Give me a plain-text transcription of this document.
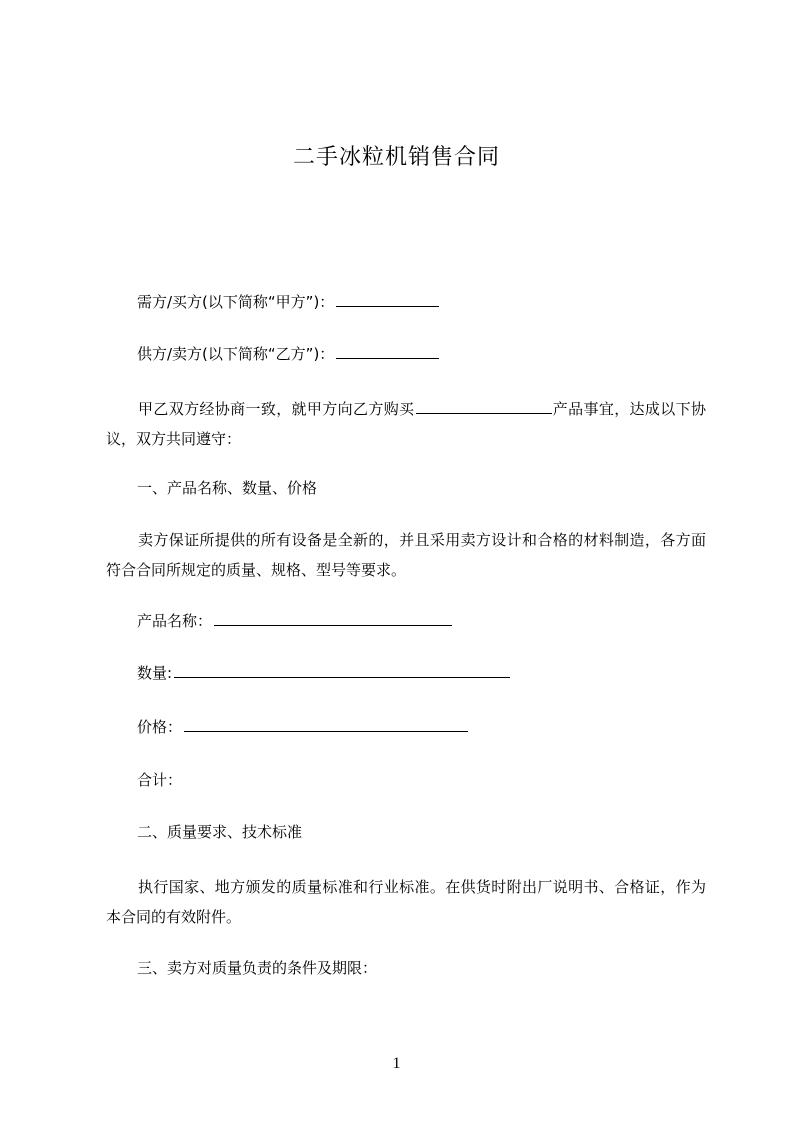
二手冰粒机销售合同
需方/买方(以下简称“甲方”)：
供方/卖方(以下简称“乙方”)：
甲乙双方经协商一致，就甲方向乙方购买	产品事宜，达成以下协议，双方共同遵守：
一、产品名称、数量、价格
卖方保证所提供的所有设备是全新的，并且采用卖方设计和合格的材料制造，各方面符合合同所规定的质量、规格、型号等要求。
产品名称：
数量:
价格：
合计：
二、质量要求、技术标准
执行国家、地方颁发的质量标准和行业标准。在供货时附出厂说明书、合格证，作为本合同的有效附件。
三、卖方对质量负责的条件及期限：
1
